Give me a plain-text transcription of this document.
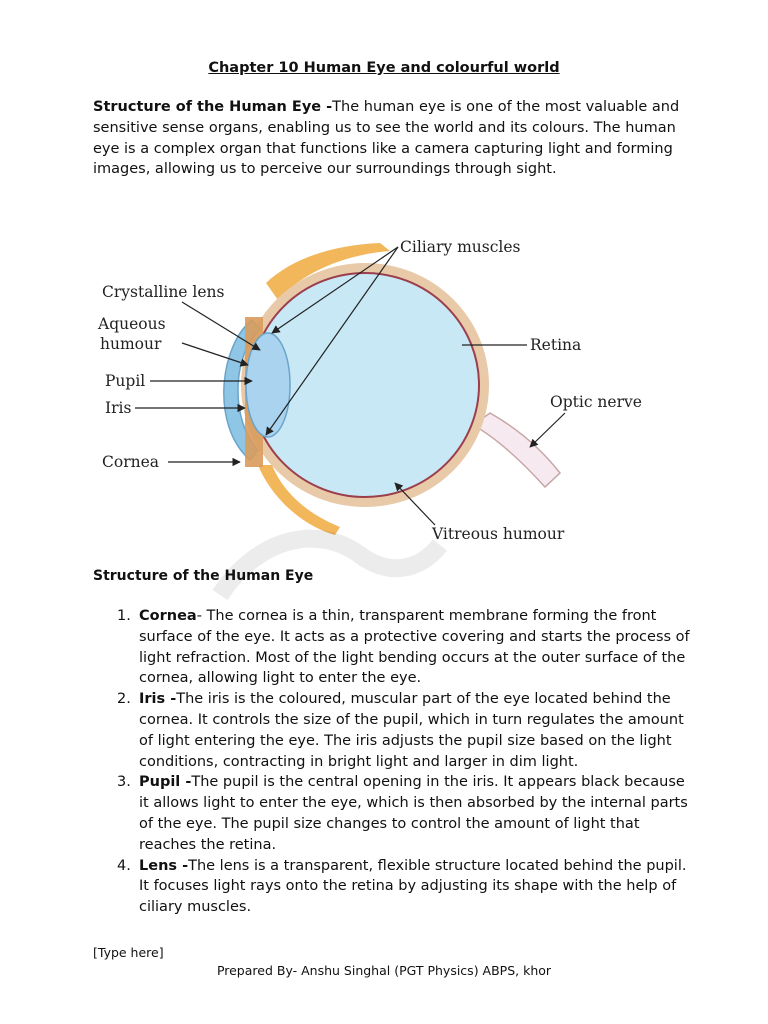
Chapter 10 Human Eye and colourful world

Structure of the Human Eye -The human eye is one of the most valuable and sensitive sense organs, enabling us to see the world and its colours. The human eye is a complex organ that functions like a camera capturing light and forming images, allowing us to perceive our surroundings through sight.

Ciliary muscles
Crystalline lens
Aqueous
humour
Pupil
Iris
Cornea
Retina
Optic nerve
Vitreous humour
Structure of the Human Eye
1. Cornea- The cornea is a thin, transparent membrane forming the front surface of the eye. It acts as a protective covering and starts the process of light refraction. Most of the light bending occurs at the outer surface of the cornea, allowing light to enter the eye.
2. Iris -The iris is the coloured, muscular part of the eye located behind the cornea. It controls the size of the pupil, which in turn regulates the amount of light entering the eye. The iris adjusts the pupil size based on the light conditions, contracting in bright light and larger in dim light.
3. Pupil -The pupil is the central opening in the iris. It appears black because it allows light to enter the eye, which is then absorbed by the internal parts of the eye. The pupil size changes to control the amount of light that reaches the retina.
4. Lens -The lens is a transparent, flexible structure located behind the pupil. It focuses light rays onto the retina by adjusting its shape with the help of ciliary muscles.
[Type here]
Prepared By- Anshu Singhal (PGT Physics) ABPS, khor
